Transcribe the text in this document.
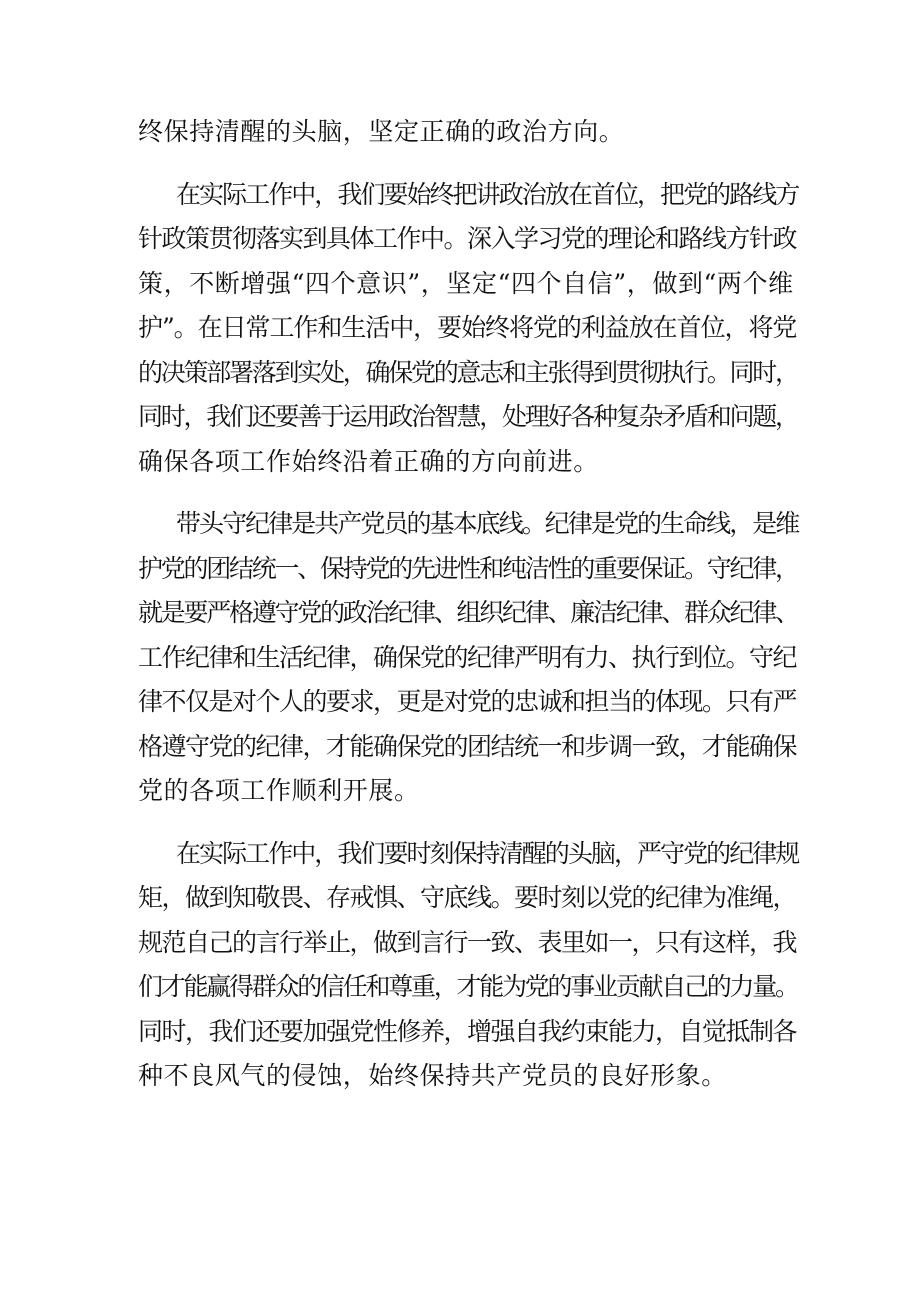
终保持清醒的头脑，坚定正确的政治方向。
在实际工作中，我们要始终把讲政治放在首位，把党的路线方
针政策贯彻落实到具体工作中。深入学习党的理论和路线方针政
策，不断增强“四个意识”，坚定“四个自信”，做到“两个维
护”。在日常工作和生活中，要始终将党的利益放在首位，将党
的决策部署落到实处，确保党的意志和主张得到贯彻执行。同时，
同时，我们还要善于运用政治智慧，处理好各种复杂矛盾和问题，
确保各项工作始终沿着正确的方向前进。
带头守纪律是共产党员的基本底线。纪律是党的生命线，是维
护党的团结统一、保持党的先进性和纯洁性的重要保证。守纪律，
就是要严格遵守党的政治纪律、组织纪律、廉洁纪律、群众纪律、
工作纪律和生活纪律，确保党的纪律严明有力、执行到位。守纪
律不仅是对个人的要求，更是对党的忠诚和担当的体现。只有严
格遵守党的纪律，才能确保党的团结统一和步调一致，才能确保
党的各项工作顺利开展。
在实际工作中，我们要时刻保持清醒的头脑，严守党的纪律规
矩，做到知敬畏、存戒惧、守底线。要时刻以党的纪律为准绳，
规范自己的言行举止，做到言行一致、表里如一，只有这样，我
们才能赢得群众的信任和尊重，才能为党的事业贡献自己的力量。
同时，我们还要加强党性修养，增强自我约束能力，自觉抵制各
种不良风气的侵蚀，始终保持共产党员的良好形象。
